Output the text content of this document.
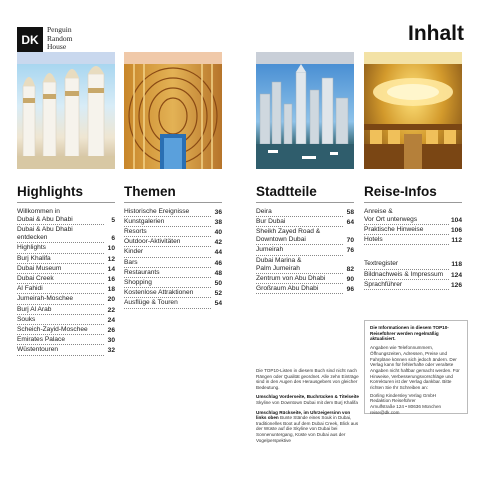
DK
Penguin
Random
House
Inhalt
Highlights
Willkommen in
Dubai & Abu Dhabi	5
Dubai & Abu Dhabi
entdecken	6
Highlights	10
Burj Khalifa	12
Dubai Museum	14
Dubai Creek	16
Al Fahidi	18
Jumeirah-Moschee	20
Burj Al Arab	22
Souks	24
Scheich-Zayid-Moschee	26
Emirates Palace	30
Wüstentouren	32
Themen
Historische Ereignisse	36
Kunstgalerien	38
Resorts	40
Outdoor-Aktivitäten	42
Kinder	44
Bars	46
Restaurants	48
Shopping	50
Kostenlose Attraktionen	52
Ausflüge & Touren	54
Stadtteile
Deira	58
Bur Dubai	64
Sheikh Zayed Road &
Downtown Dubai	70
Jumeirah	76
Dubai Marina &
Palm Jumeirah	82
Zentrum von Abu Dhabi	90
Großraum Abu Dhabi	96
Reise-Infos
Anreise &
Vor Ort unterwegs	104
Praktische Hinweise	106
Hotels	112
Textregister	118
Bildnachweis & Impressum	124
Sprachführer	126

Die TOP10-Listen in diesem Buch sind nicht nach Rängen oder Qualität geordnet. Alle zehn Einträge sind in den Augen des Herausgebers von gleicher Bedeutung.

Umschlag Vorderseite, Buchrücken & Titelseite Skyline von Downtown Dubai mit dem Burj Khalifa

Umschlag Rückseite, im Uhrzeigersinn von links oben Bunte Stände eines Souk in Dubai, traditionelles Boot auf dem Dubai Creek, Blick aus der Wüste auf die Skyline von Dubai bei Sonnenuntergang, Küste von Dubai aus der Vogelperspektive

Die Informationen in diesem TOP10-Reiseführer werden regelmäßig aktualisiert.
Angaben wie Telefonnummern, Öffnungszeiten, Adressen, Preise und Fahrpläne können sich jedoch ändern. Der Verlag kann für fehlerhafte oder veraltete Angaben nicht haftbar gemacht werden. Für Hinweise, Verbesserungsvorschläge und Korrekturen ist der Verlag dankbar. Bitte richten Sie Ihr Schreiben an:
Dorling Kindersley Verlag GmbH
Redaktion Reiseführer
Arnulfstraße 124 • 80636 München
reise@dk.com
